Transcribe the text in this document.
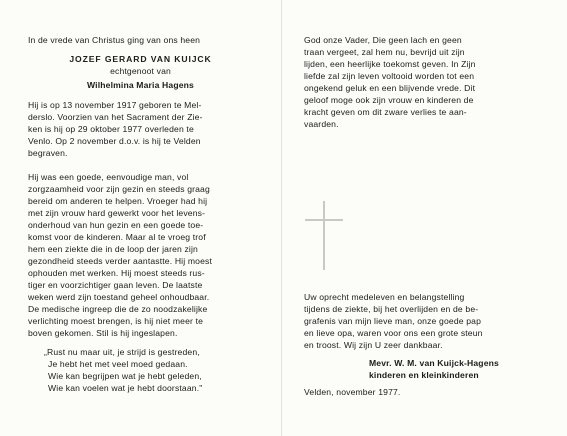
In de vrede van Christus ging van ons heen
JOZEF GERARD VAN KUIJCK
echtgenoot van
Wilhelmina Maria Hagens
Hij is op 13 november 1917 geboren te Mel-
derslo. Voorzien van het Sacrament der Zie-
ken is hij op 29 oktober 1977 overleden te
Venlo. Op 2 november d.o.v. is hij te Velden
begraven.
Hij was een goede, eenvoudige man, vol
zorgzaamheid voor zijn gezin en steeds graag
bereid om anderen te helpen. Vroeger had hij
met zijn vrouw hard gewerkt voor het levens-
onderhoud van hun gezin en een goede toe-
komst voor de kinderen. Maar al te vroeg trof
hem een ziekte die in de loop der jaren zijn
gezondheid steeds verder aantastte. Hij moest
ophouden met werken. Hij moest steeds rus-
tiger en voorzichtiger gaan leven. De laatste
weken werd zijn toestand geheel onhoudbaar.
De medische ingreep die de zo noodzakelijke
verlichting moest brengen, is hij niet meer te
boven gekomen. Stil is hij ingeslapen.
„Rust nu maar uit, je strijd is gestreden,
Je hebt het met veel moed gedaan.
Wie kan begrijpen wat je hebt geleden,
Wie kan voelen wat je hebt doorstaan."
God onze Vader, Die geen lach en geen
traan vergeet, zal hem nu, bevrijd uit zijn
lijden, een heerlijke toekomst geven. In Zijn
liefde zal zijn leven voltooid worden tot een
ongekend geluk en een blijvende vrede. Dit
geloof moge ook zijn vrouw en kinderen de
kracht geven om dit zware verlies te aan-
vaarden.
Uw oprecht medeleven en belangstelling
tijdens de ziekte, bij het overlijden en de be-
grafenis van mijn lieve man, onze goede pap
en lieve opa, waren voor ons een grote steun
en troost. Wij zijn U zeer dankbaar.
Mevr. W. M. van Kuijck-Hagens
kinderen en kleinkinderen
Velden, november 1977.
